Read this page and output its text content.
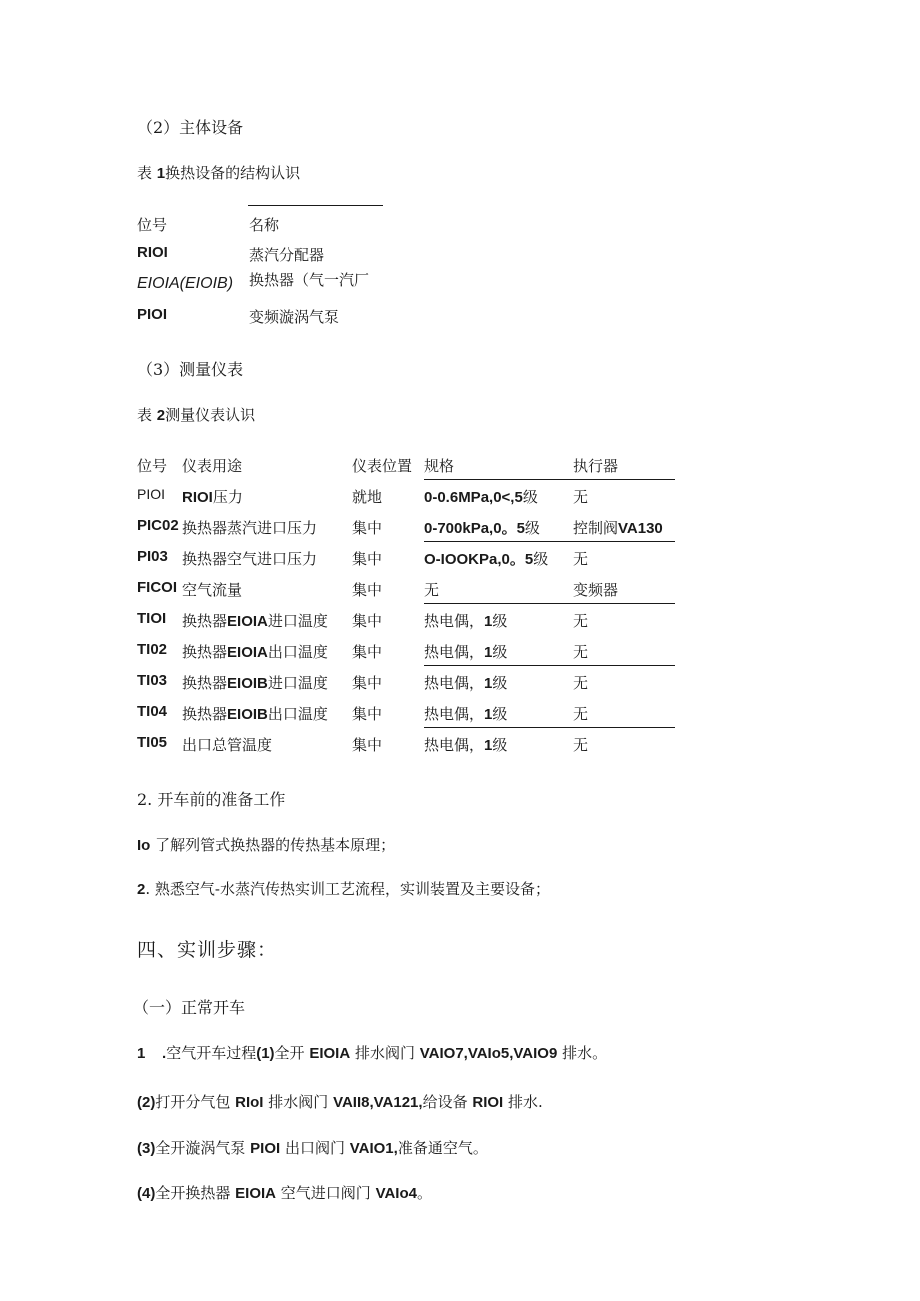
（2）主体设备
表 1换热设备的结构认识
位号	名称
RIOI	蒸汽分配器
EIOIA(EIOIB) 换热器（气一汽厂
PIOI	变频漩涡气泵
（3）测量仪表
表 2测量仪表认识
位号 仪表用途	仪表位置 规格	执行器
PIOI RIOI压力	就地	0-0.6MPa,0<,5级 无
PIC02 换热器蒸汽进口压力 集中	0-700kPa,0。5级 控制阀VA130
PI03 换热器空气进口压力 集中	O-IOOKPa,0。5级 无
FICOI 空气流量	集中	无	变频器
TIOI 换热器EIOIA进口温度 集中	热电偶，1级	无
TI02 换热器EIOIA出口温度 集中	热电偶，1级	无
TI03 换热器EIOIB进口温度 集中	热电偶，1级	无
TI04 换热器EIOIB出口温度 集中	热电偶，1级	无
TI05 出口总管温度	集中	热电偶，1级	无
2. 开车前的准备工作
Io 了解列管式换热器的传热基本原理；
2. 熟悉空气-水蒸汽传热实训工艺流程，实训装置及主要设备；
四、实训步骤：
（一）正常开车
1    .空气开车过程(1)全开 EIOIA 排水阀门 VAIO7,VAIo5,VAIO9 排水。
(2)打开分气包 RIoI 排水阀门 VAII8,VA121,给设备 RIOI 排水.
(3)全开漩涡气泵 PIOI 出口阀门 VAIO1,准备通空气。
(4)全开换热器 EIOIA 空气进口阀门 VAIo4。
